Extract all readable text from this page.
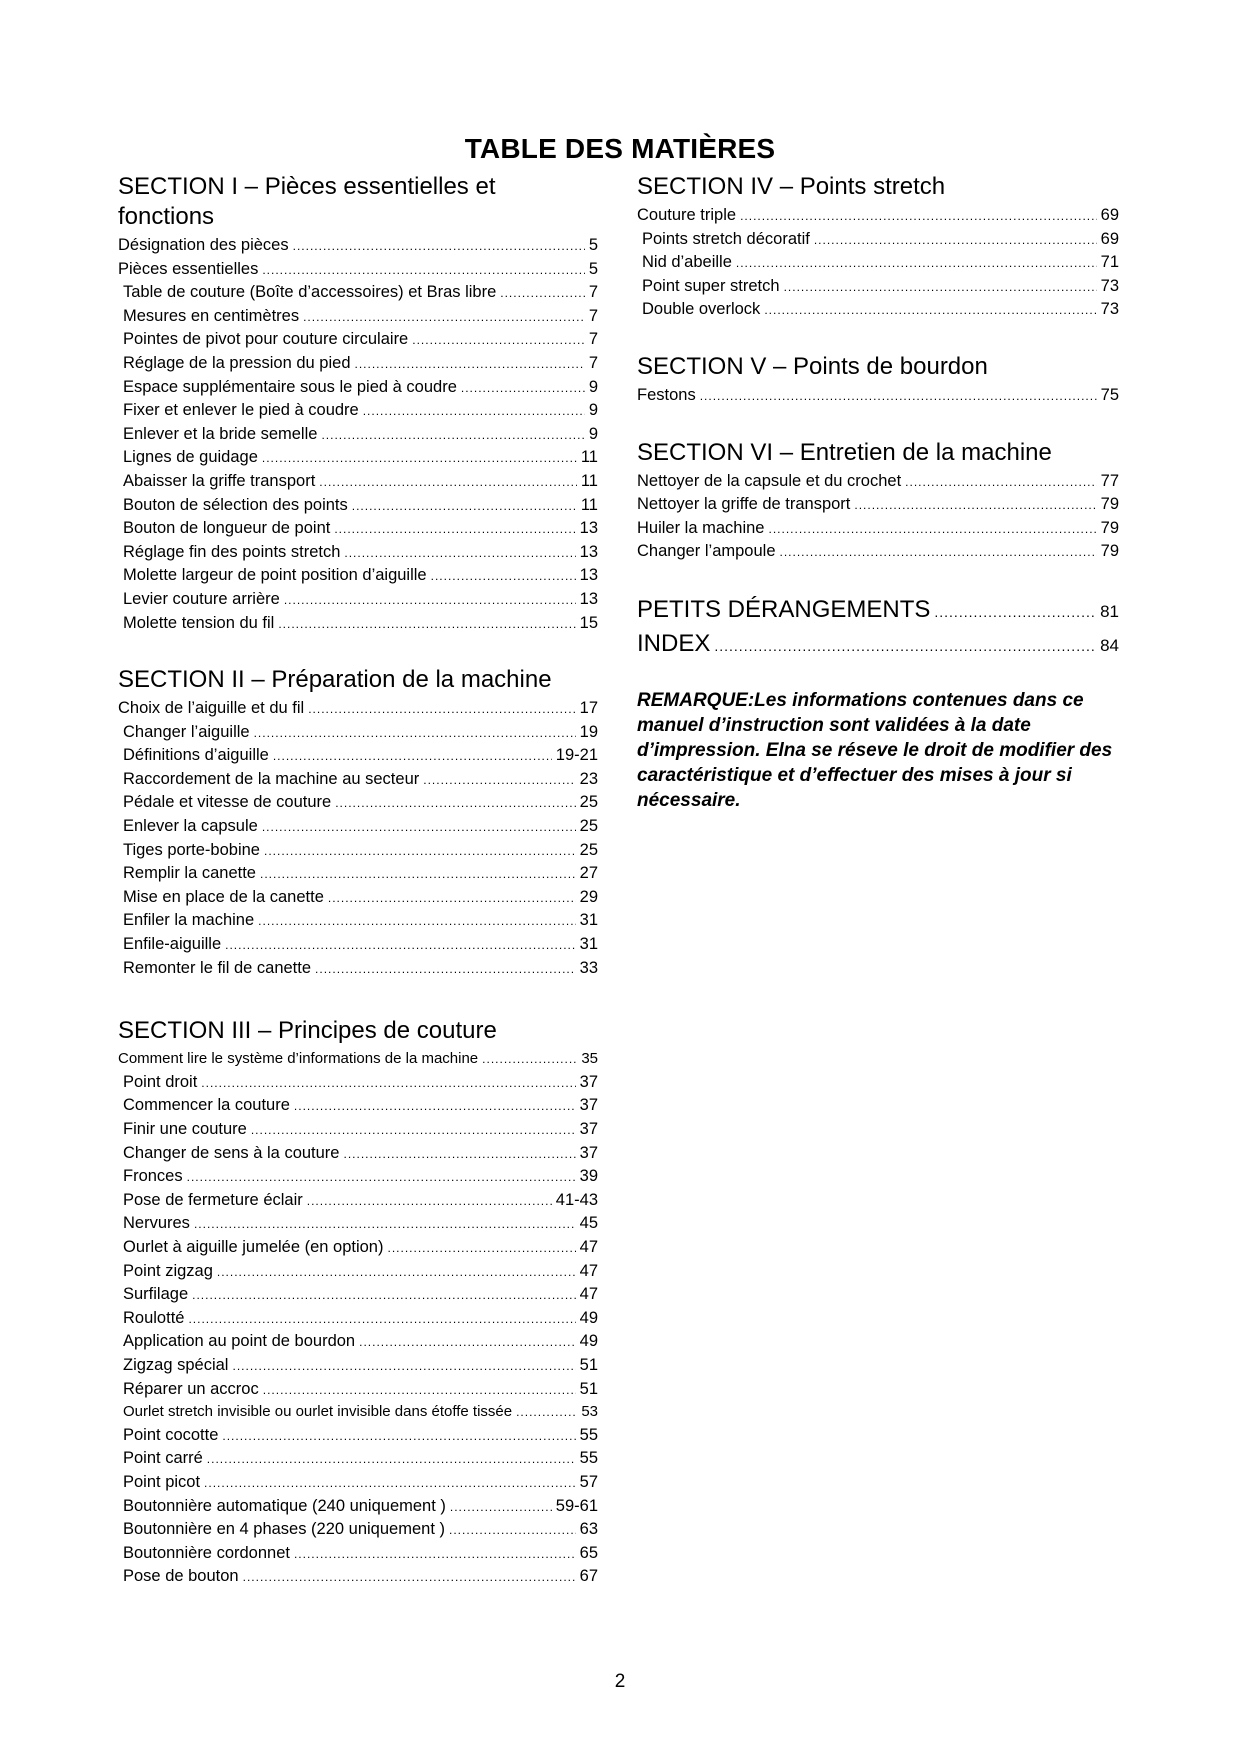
TABLE DES MATIÈRES
SECTION I – Pièces essentielles et fonctions
Désignation des pièces .....	5
Pièces essentielles .....	5
Table de couture (Boîte d’accessoires) et Bras libre .....	7
Mesures en centimètres .....	7
Pointes de pivot pour couture circulaire .....	7
Réglage de la pression du pied .....	7
Espace supplémentaire sous le pied à coudre .....	9
Fixer et enlever le pied à coudre .....	9
Enlever et la bride semelle .....	9
Lignes de guidage .....	11
Abaisser la griffe transport .....	11
Bouton de sélection des points .....	11
Bouton de longueur de point .....	13
Réglage fin des points stretch .....	13
Molette largeur de point position d’aiguille .....	13
Levier couture arrière .....	13
Molette tension du fil .....	15
SECTION II – Préparation de la machine
Choix de l’aiguille et du fil .....	17
Changer l’aiguille .....	19
Définitions d’aiguille .....	19-21
Raccordement de la machine au secteur .....	23
Pédale et vitesse de couture .....	25
Enlever la capsule .....	25
Tiges porte-bobine .....	25
Remplir la canette .....	27
Mise en place de la canette .....	29
Enfiler la machine .....	31
Enfile-aiguille .....	31
Remonter le fil de canette .....	33
SECTION III – Principes de couture
Comment lire le système d’informations de la machine .....	35
Point droit .....	37
Commencer la couture .....	37
Finir une couture .....	37
Changer de sens à la couture .....	37
Fronces .....	39
Pose de fermeture éclair .....	41-43
Nervures .....	45
Ourlet à aiguille jumelée (en option) .....	47
Point zigzag .....	47
Surfilage .....	47
Roulotté .....	49
Application au point de bourdon .....	49
Zigzag spécial .....	51
Réparer un accroc .....	51
Ourlet stretch invisible ou ourlet invisible dans étoffe tissée .....	53
Point cocotte .....	55
Point carré .....	55
Point picot .....	57
Boutonnière automatique (240 uniquement ) .....	59-61
Boutonnière en 4 phases (220 uniquement ) .....	63
Boutonnière cordonnet .....	65
Pose de bouton .....	67
SECTION IV – Points stretch
Couture triple .....	69
Points stretch décoratif .....	69
Nid d’abeille .....	71
Point super stretch .....	73
Double overlock .....	73
SECTION V – Points de bourdon
Festons .....	75
SECTION VI – Entretien de la machine
Nettoyer de la capsule et du crochet .....	77
Nettoyer la griffe de transport .....	79
Huiler la machine .....	79
Changer l’ampoule .....	79
PETITS DÉRANGEMENTS .....	81
INDEX .....	84

REMARQUE:Les informations contenues dans ce manuel d’instruction sont validées à la date d’impression. Elna se réseve le droit de modifier des caractéristique et d’effectuer des mises à jour si nécessaire.

2
